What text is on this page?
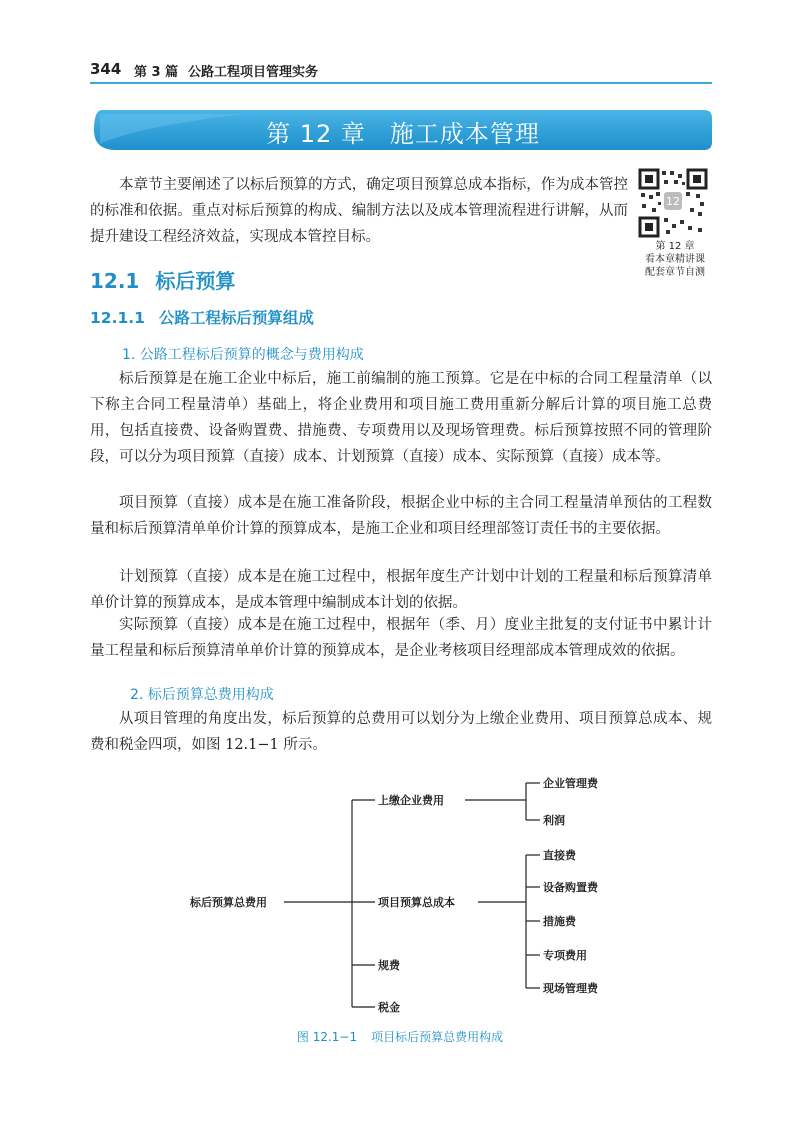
344 第 3 篇 公路工程项目管理实务
第 12 章 施工成本管理
本章节主要阐述了以标后预算的方式，确定项目预算总成本指标，作为成本管控的标准和依据。重点对标后预算的构成、编制方法以及成本管理流程进行讲解，从而提升建设工程经济效益，实现成本管控目标。
12
第 12 章
看本章精讲课
配套章节自测
12.1 标后预算
12.1.1 公路工程标后预算组成
1. 公路工程标后预算的概念与费用构成
标后预算是在施工企业中标后，施工前编制的施工预算。它是在中标的合同工程量清单（以下称主合同工程量清单）基础上，将企业费用和项目施工费用重新分解后计算的项目施工总费用，包括直接费、设备购置费、措施费、专项费用以及现场管理费。标后预算按照不同的管理阶段，可以分为项目预算（直接）成本、计划预算（直接）成本、实际预算（直接）成本等。
项目预算（直接）成本是在施工准备阶段，根据企业中标的主合同工程量清单预估的工程数量和标后预算清单单价计算的预算成本，是施工企业和项目经理部签订责任书的主要依据。
计划预算（直接）成本是在施工过程中，根据年度生产计划中计划的工程量和标后预算清单单价计算的预算成本，是成本管理中编制成本计划的依据。
实际预算（直接）成本是在施工过程中，根据年（季、月）度业主批复的支付证书中累计计量工程量和标后预算清单单价计算的预算成本，是企业考核项目经理部成本管理成效的依据。
2. 标后预算总费用构成
从项目管理的角度出发，标后预算的总费用可以划分为上缴企业费用、项目预算总成本、规费和税金四项，如图 12.1−1 所示。
标后预算总费用
上缴企业费用
项目预算总成本
规费
税金
企业管理费
利润
直接费
设备购置费
措施费
专项费用
现场管理费
图 12.1−1 项目标后预算总费用构成
